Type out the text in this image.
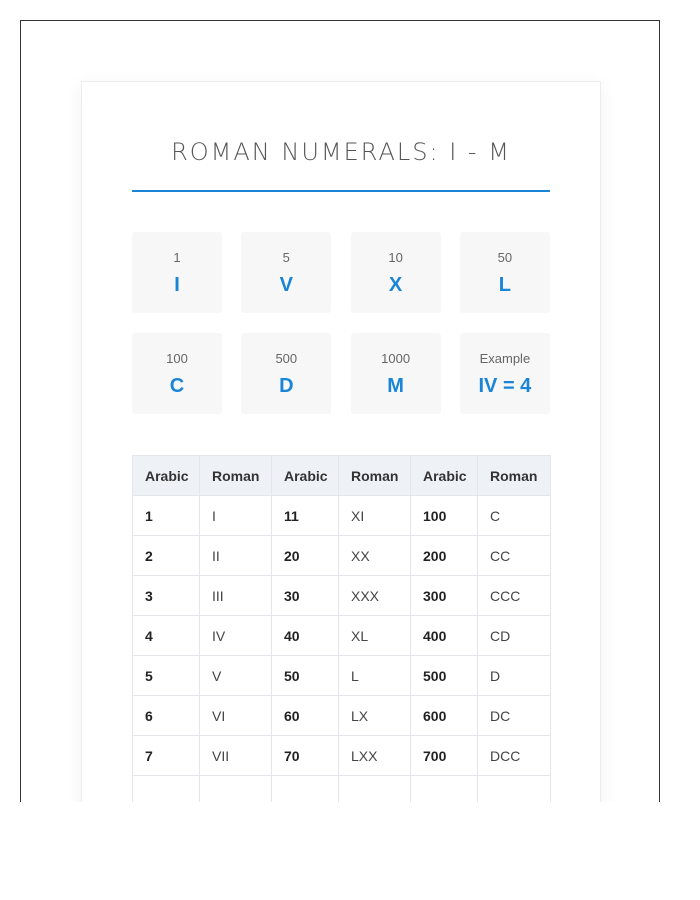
ROMAN NUMERALS: I - M
1
I
5
V
10
X
50
L
100
C
500
D
1000
M
Example
IV = 4
Arabic	Roman	Arabic	Roman	Arabic	Roman
1	I	11	XI	100	C
2	II	20	XX	200	CC
3	III	30	XXX	300	CCC
4	IV	40	XL	400	CD
5	V	50	L	500	D
6	VI	60	LX	600	DC
7	VII	70	LXX	700	DCC
